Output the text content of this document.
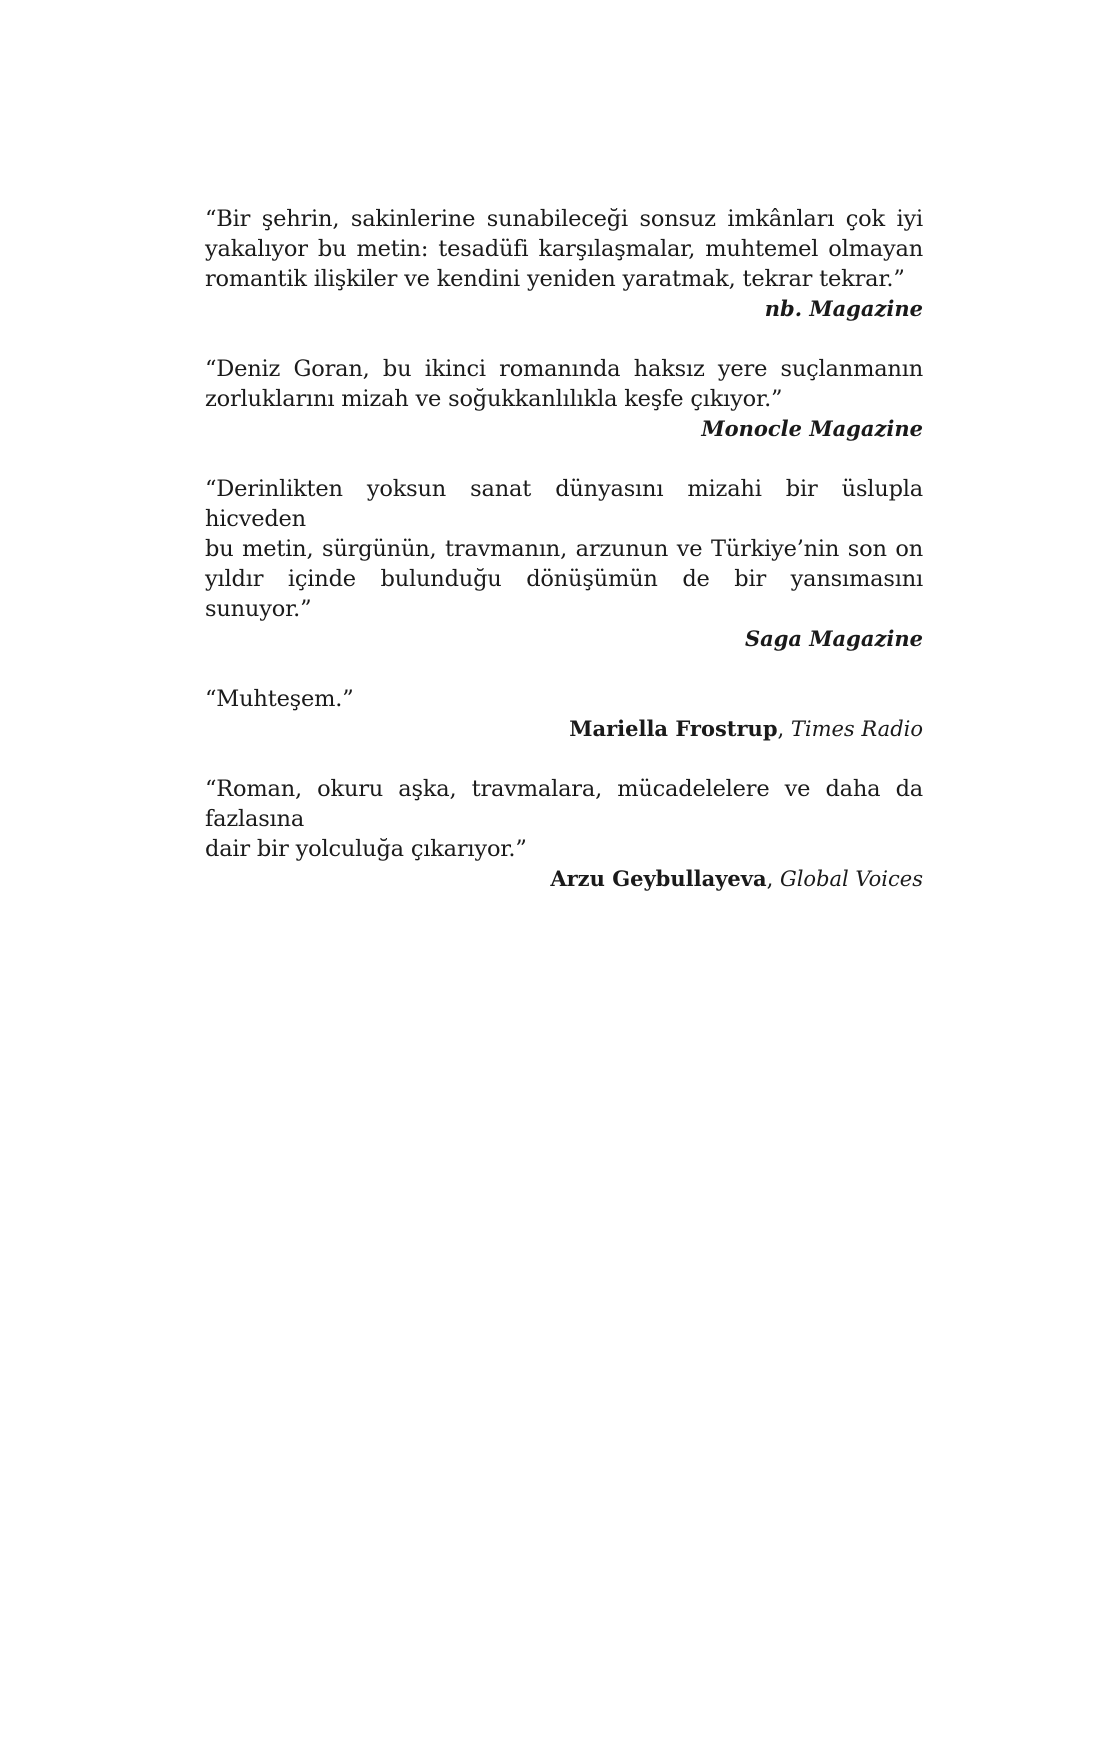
“Bir şehrin, sakinlerine sunabileceği sonsuz imkânları çok iyi
yakalıyor bu metin: tesadüfi karşılaşmalar, muhtemel olmayan
romantik ilişkiler ve kendini yeniden yaratmak, tekrar tekrar.”

nb. Magazine

“Deniz Goran, bu ikinci romanında haksız yere suçlanmanın
zorluklarını mizah ve soğukkanlılıkla keşfe çıkıyor.”

Monocle Magazine

“Derinlikten yoksun sanat dünyasını mizahi bir üslupla hicveden
bu metin, sürgünün, travmanın, arzunun ve Türkiye’nin son on
yıldır içinde bulunduğu dönüşümün de bir yansımasını sunuyor.”

Saga Magazine

“Muhteşem.”

Mariella Frostrup, Times Radio

“Roman, okuru aşka, travmalara, mücadelelere ve daha da fazlasına
dair bir yolculuğa çıkarıyor.”

Arzu Geybullayeva, Global Voices
